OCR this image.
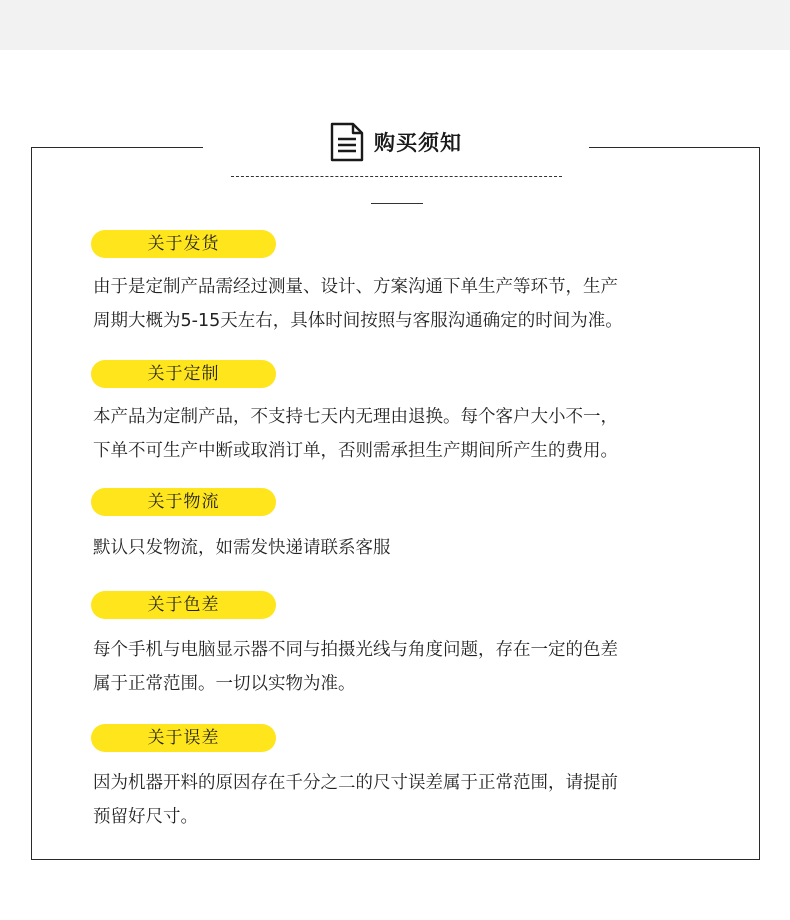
购买须知
关于发货

由于是定制产品需经过测量、设计、方案沟通下单生产等环节，生产
周期大概为5-15天左右，具体时间按照与客服沟通确定的时间为准。

关于定制

本产品为定制产品，不支持七天内无理由退换。每个客户大小不一，
下单不可生产中断或取消订单，否则需承担生产期间所产生的费用。

关于物流

默认只发物流，如需发快递请联系客服

关于色差

每个手机与电脑显示器不同与拍摄光线与角度问题，存在一定的色差
属于正常范围。一切以实物为准。

关于误差

因为机器开料的原因存在千分之二的尺寸误差属于正常范围，请提前
预留好尺寸。
